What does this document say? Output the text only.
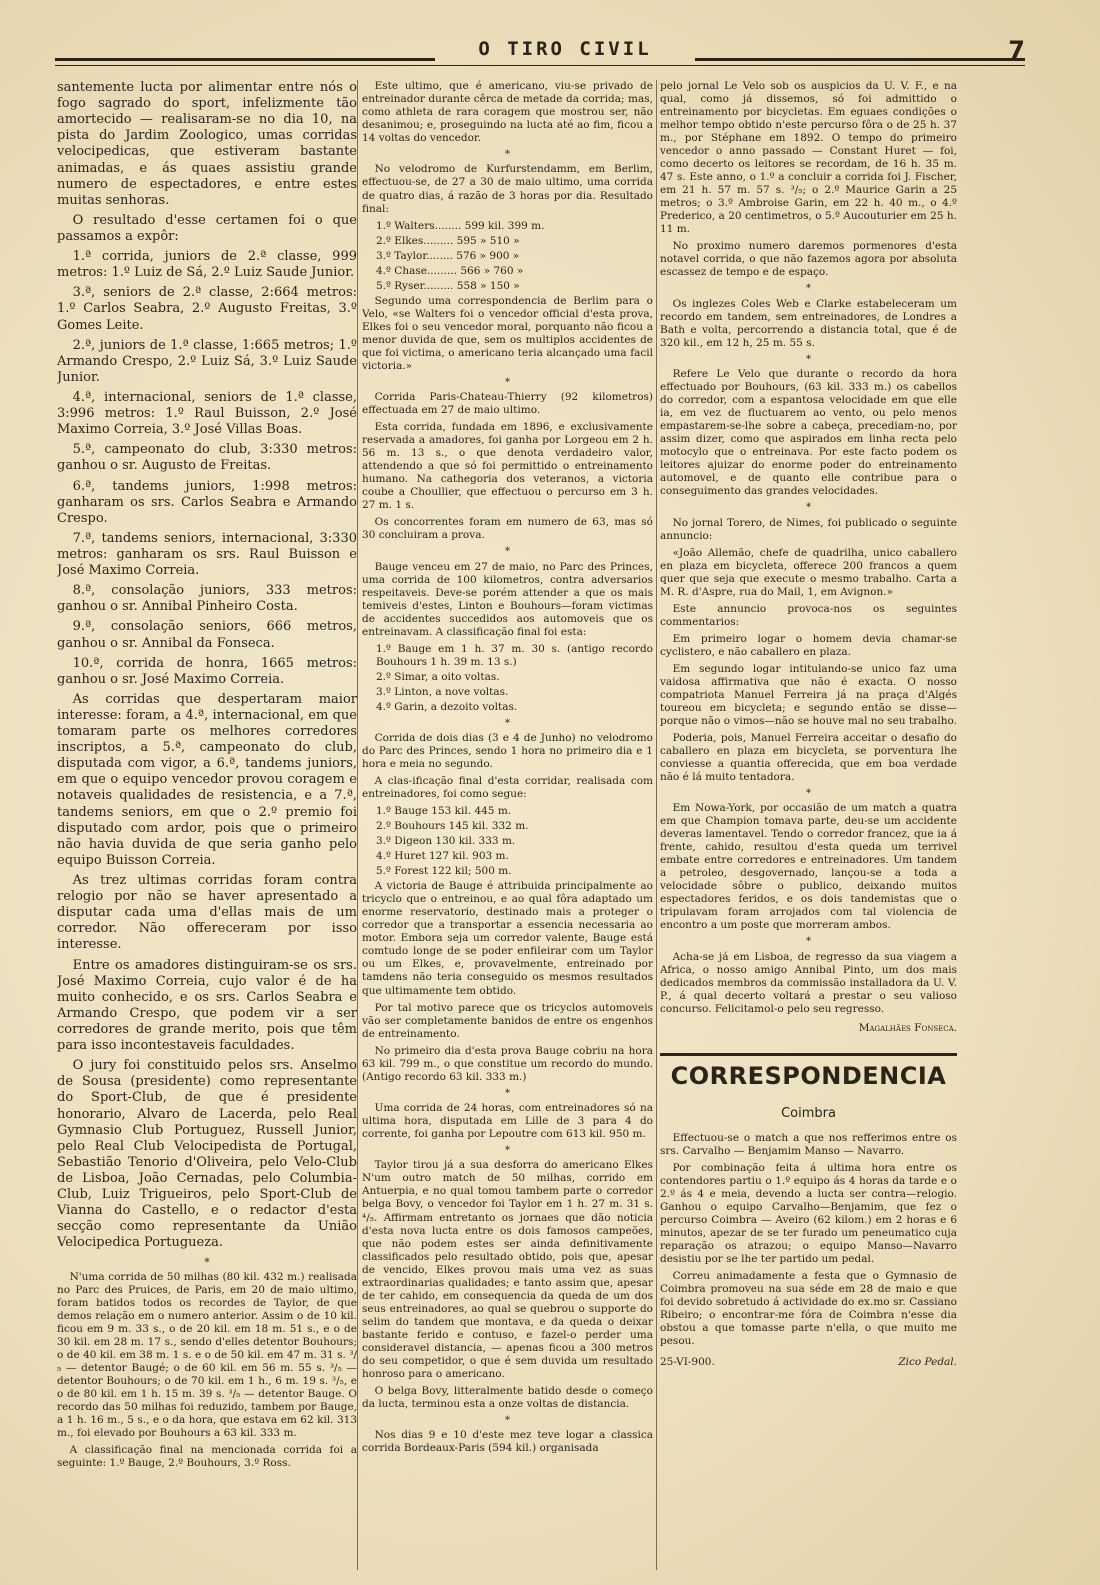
O TIRO CIVIL	7

santemente lucta por alimentar entre nós o fogo sagrado do sport, infelizmente tão amortecido — realisaram-se no dia 10, na pista do Jardim Zoologico, umas corridas velocipedicas, que estiveram bastante animadas, e ás quaes assistiu grande numero de espectadores, e entre estes muitas senhoras.

O resultado d'esse certamen foi o que passamos a expôr:

1.ª corrida, juniors de 2.ª classe, 999 metros: 1.º Luiz de Sá, 2.º Luiz Saude Junior.

3.ª, seniors de 2.ª classe, 2:664 metros: 1.º Carlos Seabra, 2.º Augusto Freitas, 3.º Gomes Leite.

2.ª, juniors de 1.ª classe, 1:665 metros; 1.º Armando Crespo, 2.º Luiz Sá, 3.º Luiz Saude Junior.

4.ª, internacional, seniors de 1.ª classe, 3:996 metros: 1.º Raul Buisson, 2.º José Maximo Correia, 3.º José Villas Boas.

5.ª, campeonato do club, 3:330 metros: ganhou o sr. Augusto de Freitas.

6.ª, tandems juniors, 1:998 metros: ganharam os srs. Carlos Seabra e Armando Crespo.

7.ª, tandems seniors, internacional, 3:330 metros: ganharam os srs. Raul Buisson e José Maximo Correia.

8.ª, consolação juniors, 333 metros: ganhou o sr. Annibal Pinheiro Costa.

9.ª, consolação seniors, 666 metros, ganhou o sr. Annibal da Fonseca.

10.ª, corrida de honra, 1665 metros: ganhou o sr. José Maximo Correia.

As corridas que despertaram maior interesse: foram, a 4.ª, internacional, em que tomaram parte os melhores corredores inscriptos, a 5.ª, campeonato do club, disputada com vigor, a 6.ª, tandems juniors, em que o equipo vencedor provou coragem e notaveis qualidades de resistencia, e a 7.ª, tandems seniors, em que o 2.º premio foi disputado com ardor, pois que o primeiro não havia duvida de que seria ganho pelo equipo Buisson Correia.

As trez ultimas corridas foram contra relogio por não se haver apresentado a disputar cada uma d'ellas mais de um corredor. Não offereceram por isso interesse.

Entre os amadores distinguiram-se os srs. José Maximo Correia, cujo valor é de ha muito conhecido, e os srs. Carlos Seabra e Armando Crespo, que podem vir a ser corredores de grande merito, pois que têm para isso incontestaveis faculdades.

O jury foi constituido pelos srs. Anselmo de Sousa (presidente) como representante do Sport-Club, de que é presidente honorario, Alvaro de Lacerda, pelo Real Gymnasio Club Portuguez, Russell Junior, pelo Real Club Velocipedista de Portugal, Sebastião Tenorio d'Oliveira, pelo Velo-Club de Lisboa, João Cernadas, pelo Columbia-Club, Luiz Trigueiros, pelo Sport-Club de Vianna do Castello, e o redactor d'esta secção como representante da União Velocipedica Portugueza.

*

N'uma corrida de 50 milhas (80 kil. 432 m.) realisada no Parc des Pruices, de Paris, em 20 de maio ultimo, foram batidos todos os recordes de Taylor, de que demos relação em o numero anterior. Assim o de 10 kil. ficou em 9 m. 33 s., o de 20 kil. em 18 m. 51 s., e o de 30 kil. em 28 m. 17 s., sendo d'elles detentor Bouhours; o de 40 kil. em 38 m. 1 s. e o de 50 kil. em 47 m. 31 s. ³/₅ — detentor Baugé; o de 60 kil. em 56 m. 55 s. ³/₅ — detentor Bouhours; o de 70 kil. em 1 h., 6 m. 19 s. ³/₅, e o de 80 kil. em 1 h. 15 m. 39 s. ³/₅ — detentor Bauge. O recordo das 50 milhas foi reduzido, tambem por Bauge, a 1 h. 16 m., 5 s., e o da hora, que estava em 62 kil. 313 m., foi elevado por Bouhours a 63 kil. 333 m.

A classificação final na mencionada corrida foi a seguinte: 1.º Bauge, 2.º Bouhours, 3.º Ross.

Este ultimo, que é americano, viu-se privado de entreinador durante cêrca de metade da corrida; mas, como athleta de rara coragem que mostrou ser, não desanimou; e, proseguindo na lucta até ao fim, ficou a 14 voltas do vencedor.

*

No velodromo de Kurfurstendamm, em Berlim, effectuou-se, de 27 a 30 de maio ultimo, uma corrida de quatro dias, á razão de 3 horas por dia. Resultado final:

1.º Walters........ 599 kil. 399 m.

2.º Elkes......... 595 » 510 »

3.º Taylor........ 576 » 900 »

4.º Chase......... 566 » 760 »

5.º Ryser......... 558 » 150 »

Segundo uma correspondencia de Berlim para o Velo, «se Walters foi o vencedor official d'esta prova, Elkes foi o seu vencedor moral, porquanto não ficou a menor duvida de que, sem os multiplos accidentes de que foi victima, o americano teria alcançado uma facil victoria.»

*

Corrida Paris-Chateau-Thierry (92 kilometros) effectuada em 27 de maio ultimo.

Esta corrida, fundada em 1896, e exclusivamente reservada a amadores, foi ganha por Lorgeou em 2 h. 56 m. 13 s., o que denota verdadeiro valor, attendendo a que só foi permittido o entreinamento humano. Na cathegoria dos veteranos, a victoria coube a Choullier, que effectuou o percurso em 3 h. 27 m. 1 s.

Os concorrentes foram em numero de 63, mas só 30 concluiram a prova.

*

Bauge venceu em 27 de maio, no Parc des Princes, uma corrida de 100 kilometros, contra adversarios respeitaveis. Deve-se porém attender a que os mais temiveis d'estes, Linton e Bouhours—foram victimas de accidentes succedidos aos automoveis que os entreinavam. A classificação final foi esta:

1.º Bauge em 1 h. 37 m. 30 s. (antigo recordo Bouhours 1 h. 39 m. 13 s.)

2.º Simar, a oito voltas.

3.º Linton, a nove voltas.

4.º Garin, a dezoito voltas.

*

Corrida de dois dias (3 e 4 de Junho) no velodromo do Parc des Princes, sendo 1 hora no primeiro dia e 1 hora e meia no segundo.

A clas-ificação final d'esta corridar, realisada com entreinadores, foi como segue:

1.º Bauge 153 kil. 445 m.

2.º Bouhours 145 kil. 332 m.

3.º Digeon 130 kil. 333 m.

4.º Huret 127 kil. 903 m.

5.º Forest 122 kil; 500 m.

A victoria de Bauge é attribuida principalmente ao tricyclo que o entreinou, e ao qual fôra adaptado um enorme reservatorio, destinado mais a proteger o corredor que a transportar a essencia necessaria ao motor. Embora seja um corredor valente, Bauge está comtudo longe de se poder enfileirar com um Taylor ou um Elkes, e, provavelmente, entreinado por tamdens não teria conseguido os mesmos resultados que ultimamente tem obtido.

Por tal motivo parece que os tricyclos automoveis vão ser completamente banidos de entre os engenhos de entreinamento.

No primeiro dia d'esta prova Bauge cobriu na hora 63 kil. 799 m., o que constitue um recordo do mundo. (Antigo recordo 63 kil. 333 m.)

*

Uma corrida de 24 horas, com entreinadores só na ultima hora, disputada em Lille de 3 para 4 do corrente, foi ganha por Lepoutre com 613 kil. 950 m.

*

Taylor tirou já a sua desforra do americano Elkes N'um outro match de 50 milhas, corrido em Antuerpia, e no qual tomou tambem parte o corredor belga Bovy, o vencedor foi Taylor em 1 h. 27 m. 31 s. ⁴/₅. Affirmam entretanto os jornaes que dão noticia d'esta nova lucta entre os dois famosos campeões, que não podem estes ser ainda definitivamente classificados pelo resultado obtido, pois que, apesar de vencido, Elkes provou mais uma vez as suas extraordinarias qualidades; e tanto assim que, apesar de ter cahido, em consequencia da queda de um dos seus entreinadores, ao qual se quebrou o supporte do selim do tandem que montava, e da queda o deixar bastante ferido e contuso, e fazel-o perder uma consideravel distancia, — apenas ficou a 300 metros do seu competidor, o que é sem duvida um resultado honroso para o americano.

O belga Bovy, litteralmente batido desde o começo da lucta, terminou esta a onze voltas de distancia.

*

Nos dias 9 e 10 d'este mez teve logar a classica corrida Bordeaux-Paris (594 kil.) organisada

pelo jornal Le Velo sob os auspicios da U. V. F., e na qual, como já dissemos, só foi admittido o entreinamento por bicycletas. Em eguaes condições o melhor tempo obtido n'este percurso fôra o de 25 h. 37 m., por Stéphane em 1892. O tempo do primeiro vencedor o anno passado — Constant Huret — foi, como decerto os leitores se recordam, de 16 h. 35 m. 47 s. Este anno, o 1.º a concluir a corrida foi J. Fischer, em 21 h. 57 m. 57 s. ³/₅; o 2.º Maurice Garin a 25 metros; o 3.º Ambroise Garin, em 22 h. 40 m., o 4.º Prederico, a 20 centimetros, o 5.º Aucouturier em 25 h. 11 m.

No proximo numero daremos pormenores d'esta notavel corrida, o que não fazemos agora por absoluta escassez de tempo e de espaço.

*

Os inglezes Coles Web e Clarke estabeleceram um recordo em tandem, sem entreinadores, de Londres a Bath e volta, percorrendo a distancia total, que é de 320 kil., em 12 h, 25 m. 55 s.

*

Refere Le Velo que durante o recordo da hora effectuado por Bouhours, (63 kil. 333 m.) os cabellos do corredor, com a espantosa velocidade em que elle ia, em vez de fluctuarem ao vento, ou pelo menos empastarem-se-lhe sobre a cabeça, precediam-no, por assim dizer, como que aspirados em linha recta pelo motocylo que o entreinava. Por este facto podem os leitores ajuizar do enorme poder do entreinamento automovel, e de quanto elle contribue para o conseguimento das grandes velocidades.

*

No jornal Torero, de Nimes, foi publicado o seguinte annuncio:

«João Allemão, chefe de quadrilha, unico caballero en plaza em bicycleta, offerece 200 francos a quem quer que seja que execute o mesmo trabalho. Carta a M. R. d'Aspre, rua do Mail, 1, em Avignon.»

Este annuncio provoca-nos os seguintes commentarios:

Em primeiro logar o homem devia chamar-se cyclistero, e não caballero en plaza.

Em segundo logar intitulando-se unico faz uma vaidosa affirmativa que não é exacta. O nosso compatriota Manuel Ferreira já na praça d'Algés toureou em bicycleta; e segundo então se disse—porque não o vimos—não se houve mal no seu trabalho.

Poderia, pois, Manuel Ferreira acceitar o desafio do caballero en plaza em bicycleta, se porventura lhe conviesse a quantia offerecida, que em boa verdade não é lá muito tentadora.

*

Em Nowa-York, por occasião de um match a quatra em que Champion tomava parte, deu-se um accidente deveras lamentavel. Tendo o corredor francez, que ia á frente, cahido, resultou d'esta queda um terrivel embate entre corredores e entreinadores. Um tandem a petroleo, desgovernado, lançou-se a toda a velocidade sôbre o publico, deixando muitos espectadores feridos, e os dois tandemistas que o tripulavam foram arrojados com tal violencia de encontro a um poste que morreram ambos.

*

Acha-se já em Lisboa, de regresso da sua viagem a Africa, o nosso amigo Annibal Pinto, um dos mais dedicados membros da commissão installadora da U. V. P., á qual decerto voltará a prestar o seu valioso concurso. Felicitamol-o pelo seu regresso.

Magalhães Fonseca.

CORRESPONDENCIA

Coimbra

Effectuou-se o match a que nos refferimos entre os srs. Carvalho — Benjamim Manso — Navarro.

Por combinação feita á ultima hora entre os contendores partiu o 1.º equipo ás 4 horas da tarde e o 2.º ás 4 e meia, devendo a lucta ser contra—relogio. Ganhou o equipo Carvalho—Benjamim, que fez o percurso Coimbra — Aveiro (62 kilom.) em 2 horas e 6 minutos, apezar de se ter furado um peneumatico cuja reparação os atrazou; o equipo Manso—Navarro desistiu por se lhe ter partido um pedal.

Correu animadamente a festa que o Gymnasio de Coimbra promoveu na sua séde em 28 de maio e que foi devido sobretudo á actividade do ex.mo sr. Cassiano Ribeiro; o encontrar-me fóra de Coimbra n'esse dia obstou a que tomasse parte n'ella, o que muito me pesou.

25-VI-900.	Zico Pedal.
